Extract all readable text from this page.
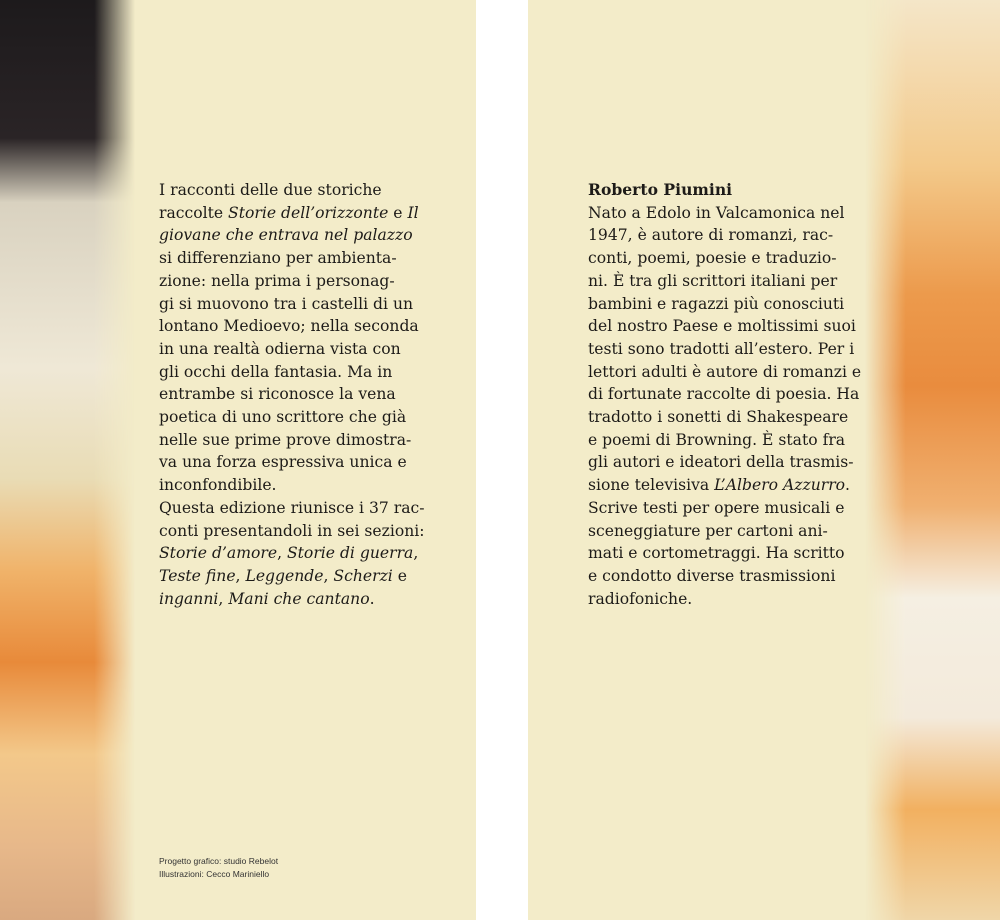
I racconti delle due storiche
raccolte Storie dell’orizzonte e Il
giovane che entrava nel palazzo
si differenziano per ambienta-
zione: nella prima i personag-
gi si muovono tra i castelli di un
lontano Medioevo; nella seconda
in una realtà odierna vista con
gli occhi della fantasia. Ma in
entrambe si riconosce la vena
poetica di uno scrittore che già
nelle sue prime prove dimostra-
va una forza espressiva unica e
inconfondibile.
Questa edizione riunisce i 37 rac-
conti presentandoli in sei sezioni:
Storie d’amore, Storie di guerra,
Teste fine, Leggende, Scherzi e
inganni, Mani che cantano.
Progetto grafico: studio Rebelot
Illustrazioni: Cecco Mariniello
Roberto Piumini
Nato a Edolo in Valcamonica nel
1947, è autore di romanzi, rac-
conti, poemi, poesie e traduzio-
ni. È tra gli scrittori italiani per
bambini e ragazzi più conosciuti
del nostro Paese e moltissimi suoi
testi sono tradotti all’estero. Per i
lettori adulti è autore di romanzi e
di fortunate raccolte di poesia. Ha
tradotto i sonetti di Shakespeare
e poemi di Browning. È stato fra
gli autori e ideatori della trasmis-
sione televisiva L’Albero Azzurro.
Scrive testi per opere musicali e
sceneggiature per cartoni ani-
mati e cortometraggi. Ha scritto
e condotto diverse trasmissioni
radiofoniche.
